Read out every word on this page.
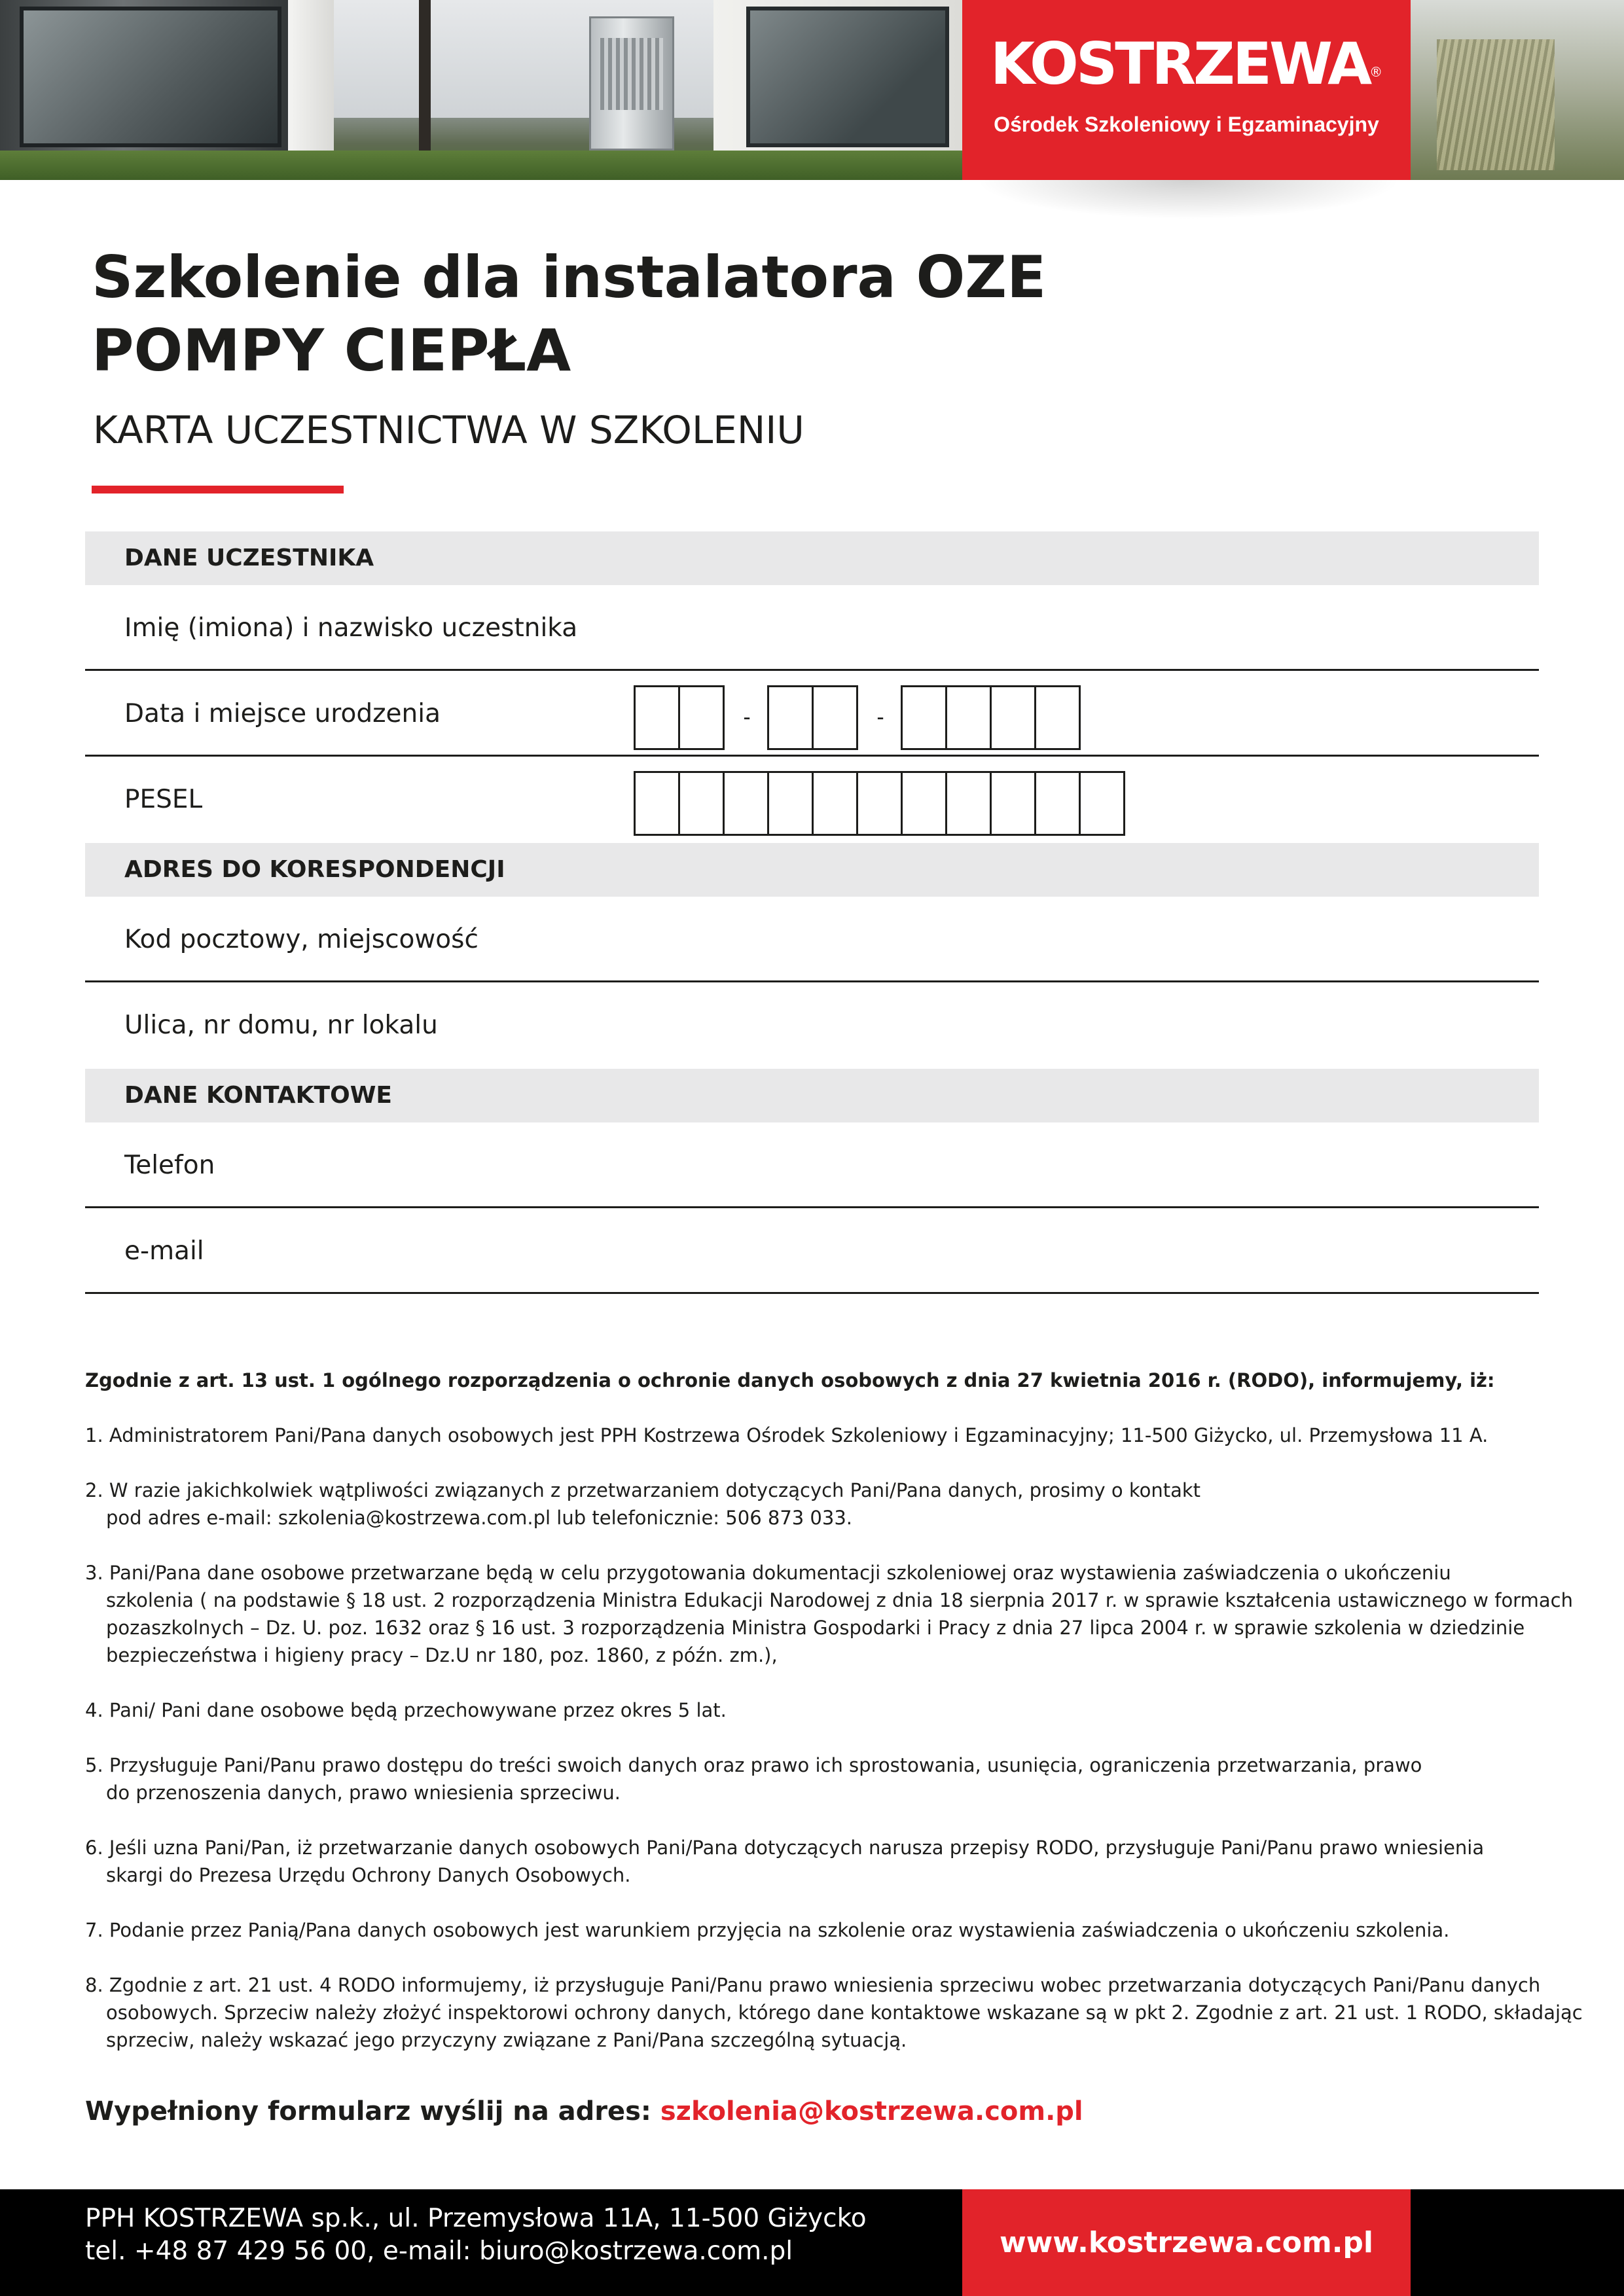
KOSTRZEWA®
Ośrodek Szkoleniowy i Egzaminacyjny
Szkolenie dla instalatora OZE
POMPY CIEPŁA
KARTA UCZESTNICTWA W SZKOLENIU
DANE UCZESTNIKA
Imię (imiona) i nazwisko uczestnika
Data i miejsce urodzenia	-	-
PESEL
ADRES DO KORESPONDENCJI
Kod pocztowy, miejscowość
Ulica, nr domu, nr lokalu
DANE KONTAKTOWE
Telefon
e-mail
Zgodnie z art. 13 ust. 1 ogólnego rozporządzenia o ochronie danych osobowych z dnia 27 kwietnia 2016 r. (RODO), informujemy, iż:
1. Administratorem Pani/Pana danych osobowych jest PPH Kostrzewa Ośrodek Szkoleniowy i Egzaminacyjny; 11-500 Giżycko, ul. Przemysłowa 11 A.
2. W razie jakichkolwiek wątpliwości związanych z przetwarzaniem dotyczących Pani/Pana danych, prosimy o kontakt
pod adres e-mail: szkolenia@kostrzewa.com.pl lub telefonicznie: 506 873 033.
3. Pani/Pana dane osobowe przetwarzane będą w celu przygotowania dokumentacji szkoleniowej oraz wystawienia zaświadczenia o ukończeniu
szkolenia ( na podstawie § 18 ust. 2 rozporządzenia Ministra Edukacji Narodowej z dnia 18 sierpnia 2017 r. w sprawie kształcenia ustawicznego w formach
pozaszkolnych – Dz. U. poz. 1632 oraz § 16 ust. 3 rozporządzenia Ministra Gospodarki i Pracy z dnia 27 lipca 2004 r. w sprawie szkolenia w dziedzinie
bezpieczeństwa i higieny pracy – Dz.U nr 180, poz. 1860, z późn. zm.),
4. Pani/ Pani dane osobowe będą przechowywane przez okres 5 lat.
5. Przysługuje Pani/Panu prawo dostępu do treści swoich danych oraz prawo ich sprostowania, usunięcia, ograniczenia przetwarzania, prawo
do przenoszenia danych, prawo wniesienia sprzeciwu.
6. Jeśli uzna Pani/Pan, iż przetwarzanie danych osobowych Pani/Pana dotyczących narusza przepisy RODO, przysługuje Pani/Panu prawo wniesienia
skargi do Prezesa Urzędu Ochrony Danych Osobowych.
7. Podanie przez Panią/Pana danych osobowych jest warunkiem przyjęcia na szkolenie oraz wystawienia zaświadczenia o ukończeniu szkolenia.
8. Zgodnie z art. 21 ust. 4 RODO informujemy, iż przysługuje Pani/Panu prawo wniesienia sprzeciwu wobec przetwarzania dotyczących Pani/Panu danych
osobowych. Sprzeciw należy złożyć inspektorowi ochrony danych, którego dane kontaktowe wskazane są w pkt 2. Zgodnie z art. 21 ust. 1 RODO, składając
sprzeciw, należy wskazać jego przyczyny związane z Pani/Pana szczególną sytuacją.
Wypełniony formularz wyślij na adres: szkolenia@kostrzewa.com.pl
PPH KOSTRZEWA sp.k., ul. Przemysłowa 11A, 11-500 Giżycko
tel. +48 87 429 56 00, e-mail: biuro@kostrzewa.com.pl	www.kostrzewa.com.pl
